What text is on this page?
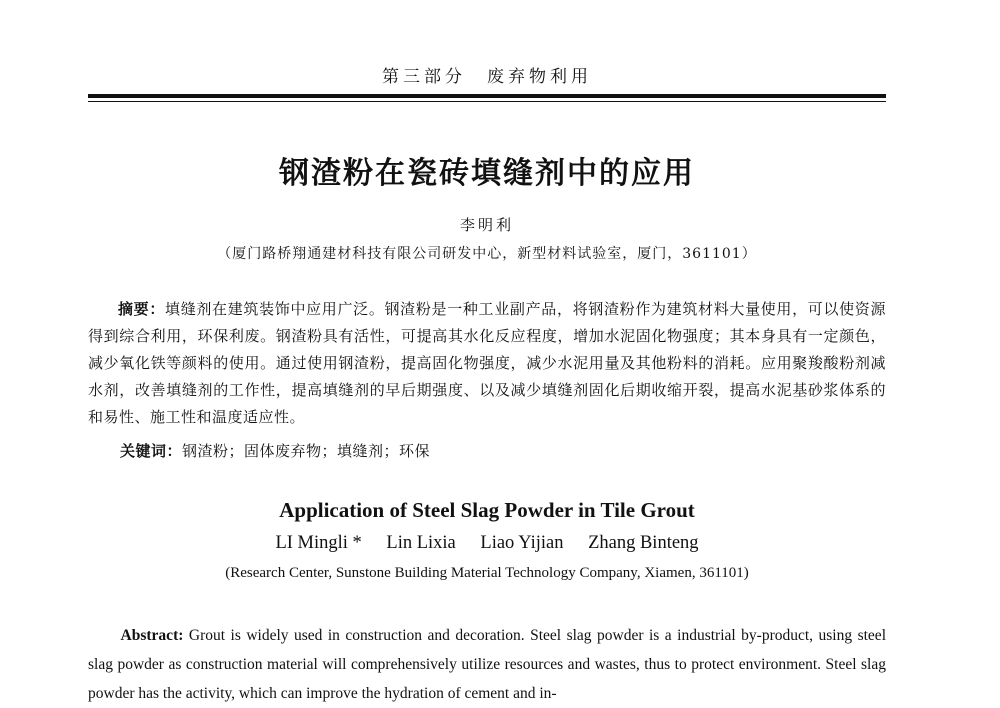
第三部分　废弃物利用
钢渣粉在瓷砖填缝剂中的应用
李明利
（厦门路桥翔通建材科技有限公司研发中心，新型材料试验室，厦门，361101）
摘要：填缝剂在建筑装饰中应用广泛。钢渣粉是一种工业副产品，将钢渣粉作为建筑材料大量使用，可以使资源得到综合利用，环保利废。钢渣粉具有活性，可提高其水化反应程度，增加水泥固化物强度；其本身具有一定颜色，减少氧化铁等颜料的使用。通过使用钢渣粉，提高固化物强度，减少水泥用量及其他粉料的消耗。应用聚羧酸粉剂减水剂，改善填缝剂的工作性，提高填缝剂的早后期强度、以及减少填缝剂固化后期收缩开裂，提高水泥基砂浆体系的和易性、施工性和温度适应性。
关键词：钢渣粉；固体废弃物；填缝剂；环保
Application of Steel Slag Powder in Tile Grout
LI Mingli * Lin Lixia Liao Yijian Zhang Binteng
(Research Center, Sunstone Building Material Technology Company, Xiamen, 361101)
Abstract: Grout is widely used in construction and decoration. Steel slag powder is a industrial by-product, using steel slag powder as construction material will comprehensively utilize resources and wastes, thus to protect environment. Steel slag powder has the activity, which can improve the hydration of cement and in-
